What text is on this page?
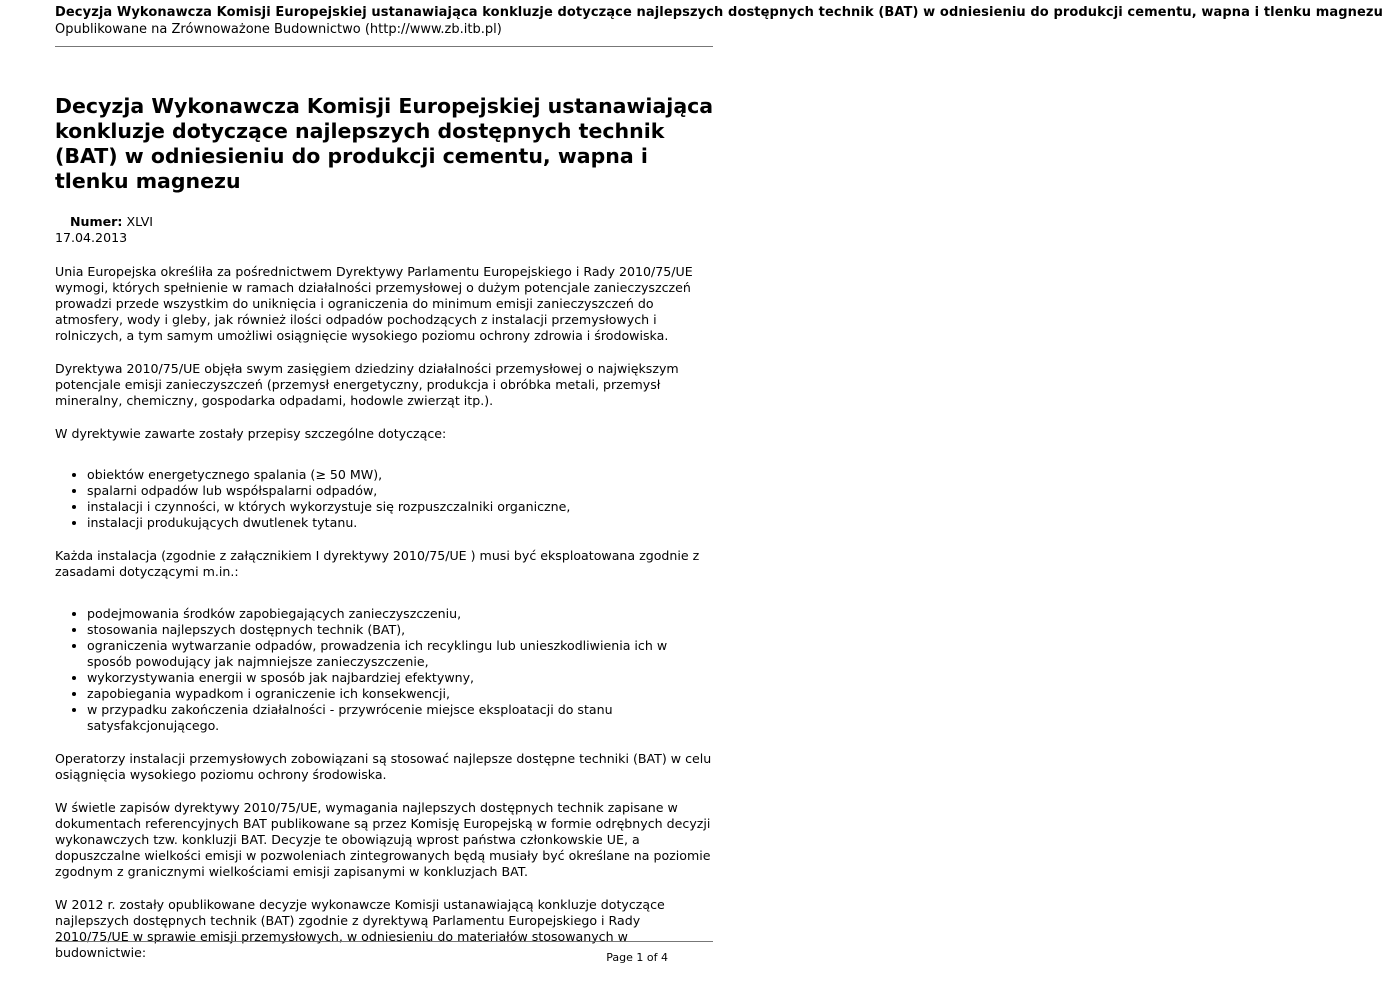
Decyzja Wykonawcza Komisji Europejskiej ustanawiająca konkluzje dotyczące najlepszych dostępnych technik (BAT) w odniesieniu do produkcji cementu, wapna i tlenku magnezu
Opublikowane na Zrównoważone Budownictwo (http://www.zb.itb.pl)
Decyzja Wykonawcza Komisji Europejskiej ustanawiająca konkluzje dotyczące najlepszych dostępnych technik (BAT) w odniesieniu do produkcji cementu, wapna i tlenku magnezu
Numer: XLVI
17.04.2013

Unia Europejska określiła za pośrednictwem Dyrektywy Parlamentu Europejskiego i Rady 2010/75/UE wymogi, których spełnienie w ramach działalności przemysłowej o dużym potencjale zanieczyszczeń prowadzi przede wszystkim do uniknięcia i ograniczenia do minimum emisji zanieczyszczeń do atmosfery, wody i gleby, jak również ilości odpadów pochodzących z instalacji przemysłowych i rolniczych, a tym samym umożliwi osiągnięcie wysokiego poziomu ochrony zdrowia i środowiska.

Dyrektywa 2010/75/UE objęła swym zasięgiem dziedziny działalności przemysłowej o największym potencjale emisji zanieczyszczeń (przemysł energetyczny, produkcja i obróbka metali, przemysł mineralny, chemiczny, gospodarka odpadami, hodowle zwierząt itp.).

W dyrektywie zawarte zostały przepisy szczególne dotyczące:

• obiektów energetycznego spalania (≥ 50 MW),
• spalarni odpadów lub współspalarni odpadów,
• instalacji i czynności, w których wykorzystuje się rozpuszczalniki organiczne,
• instalacji produkujących dwutlenek tytanu.

Każda instalacja (zgodnie z załącznikiem I dyrektywy 2010/75/UE ) musi być eksploatowana zgodnie z zasadami dotyczącymi m.in.:

• podejmowania środków zapobiegających zanieczyszczeniu,
• stosowania najlepszych dostępnych technik (BAT),
• ograniczenia wytwarzanie odpadów, prowadzenia ich recyklingu lub unieszkodliwienia ich w sposób powodujący jak najmniejsze zanieczyszczenie,
• wykorzystywania energii w sposób jak najbardziej efektywny,
• zapobiegania wypadkom i ograniczenie ich konsekwencji,
• w przypadku zakończenia działalności - przywrócenie miejsce eksploatacji do stanu satysfakcjonującego.

Operatorzy instalacji przemysłowych zobowiązani są stosować najlepsze dostępne techniki (BAT) w celu osiągnięcia wysokiego poziomu ochrony środowiska.

W świetle zapisów dyrektywy 2010/75/UE, wymagania najlepszych dostępnych technik zapisane w dokumentach referencyjnych BAT publikowane są przez Komisję Europejską w formie odrębnych decyzji wykonawczych tzw. konkluzji BAT. Decyzje te obowiązują wprost państwa członkowskie UE, a dopuszczalne wielkości emisji w pozwoleniach zintegrowanych będą musiały być określane na poziomie zgodnym z granicznymi wielkościami emisji zapisanymi w konkluzjach BAT.

W 2012 r. zostały opublikowane decyzje wykonawcze Komisji ustanawiającą konkluzje dotyczące najlepszych dostępnych technik (BAT) zgodnie z dyrektywą Parlamentu Europejskiego i Rady 2010/75/UE w sprawie emisji przemysłowych, w odniesieniu do materiałów stosowanych w budownictwie:	Page 1 of 4
